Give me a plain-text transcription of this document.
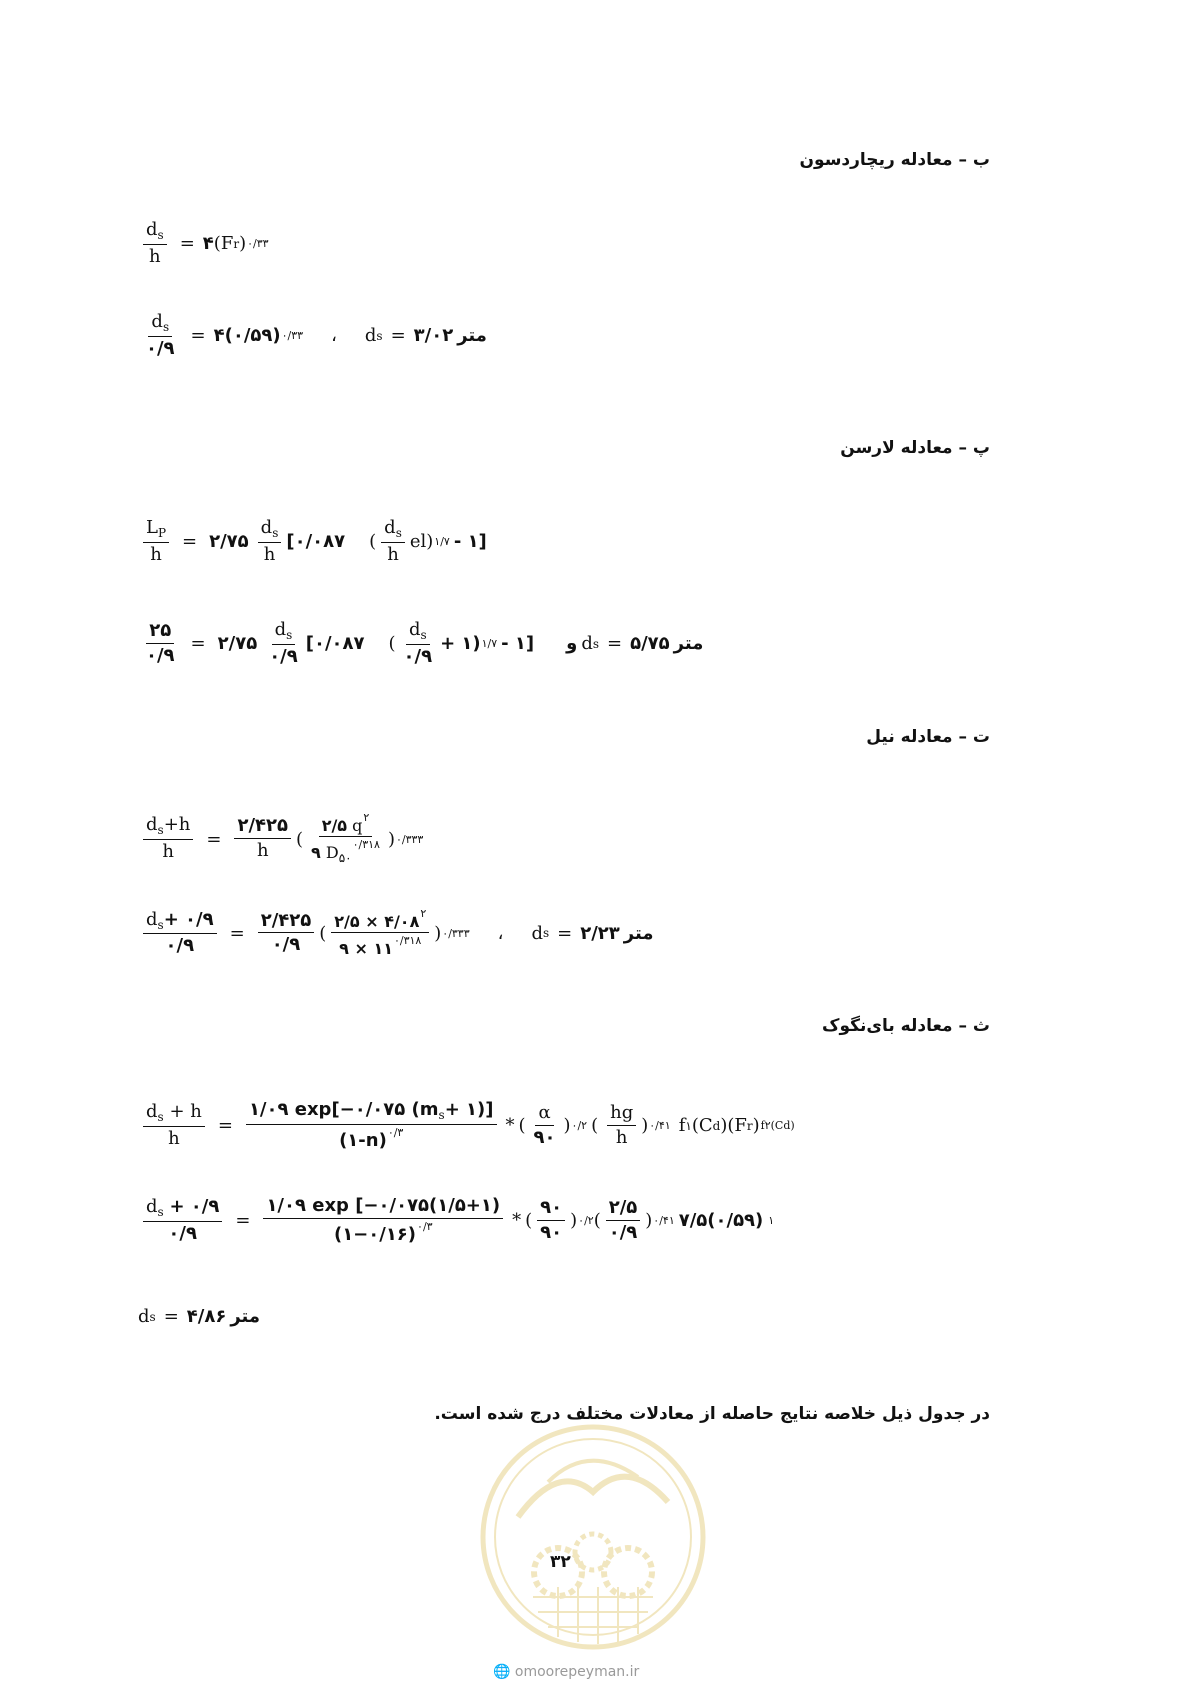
ب – معادله ریچاردسون
$\frac{d_s}{h}$ = ۴ (F r ) ۰/۳۳
$\frac{d_s}{۰/۹}$ = ۴(۰/۵۹) ۰/۳۳ ، d s = ۳/۰۲ متر
پ – معادله لارسن
$\frac{L_P}{h}$ = ۲/۷۵ $\frac{d_s}{h}$ [۰/۰۸۷ ( $\frac{d_s}{h} el$) ۱/۷ - ۱]
$\frac{۲۵}{۰/۹}$ = ۲/۷۵ $\frac{d_s}{۰/۹}$ [۰/۰۸۷ ( $\frac{d_s}{۰/۹}$ + ۱) ۱/۷ - ۱] و d s = ۵/۷۵ متر
ت – معادله نیل
$\frac{d_s+h}{h} = \frac{۲/۴۲۵}{h}$ ( $\frac{۲/۵ q^۲}{۹ D_{۵۰}^{۰/۳۱۸}}$ ) ۰/۳۳۳
$\frac{d_s+ ۰/۹}{۰/۹} = \frac{۲/۴۲۵}{۰/۹}$ ( $\frac{۲/۵ \times ۴/۰۸^۲}{۹ \times ۱۱^{۰/۳۱۸}}$ ) ۰/۳۳۳ ، d s = ۲/۲۳ متر
ث – معادله بای‌نگوک
$\frac{d_s + h}{h} = \frac{۱/۰۹ \exp[-۰/۰۷۵ (m_s+ ۱)]}{(۱-n)^{۰/۳}}$ * ( $\frac{\alpha}{۹۰}$ ) ۰/۲ ( $\frac{hg}{h}$ ) ۰/۴۱ f ۱ (C d )(F r ) f۲(Cd)
$\frac{d_s + ۰/۹}{۰/۹} = \frac{۱/۰۹ \exp [-۰/۰۷۵(۱/۵+۱)}{(۱-۰/۱۶)^{۰/۳}}$ * ( $\frac{۹۰}{۹۰}$ ) ۰/۲ ( $\frac{۲/۵}{۰/۹}$ ) ۰/۴۱ ۷/۵(۰/۵۹) ۱
d s = ۴/۸۶ متر
در جدول ذیل خلاصه نتایج حاصله از معادلات مختلف درج شده است.
۳۲
🌐 omoorepeyman.ir
